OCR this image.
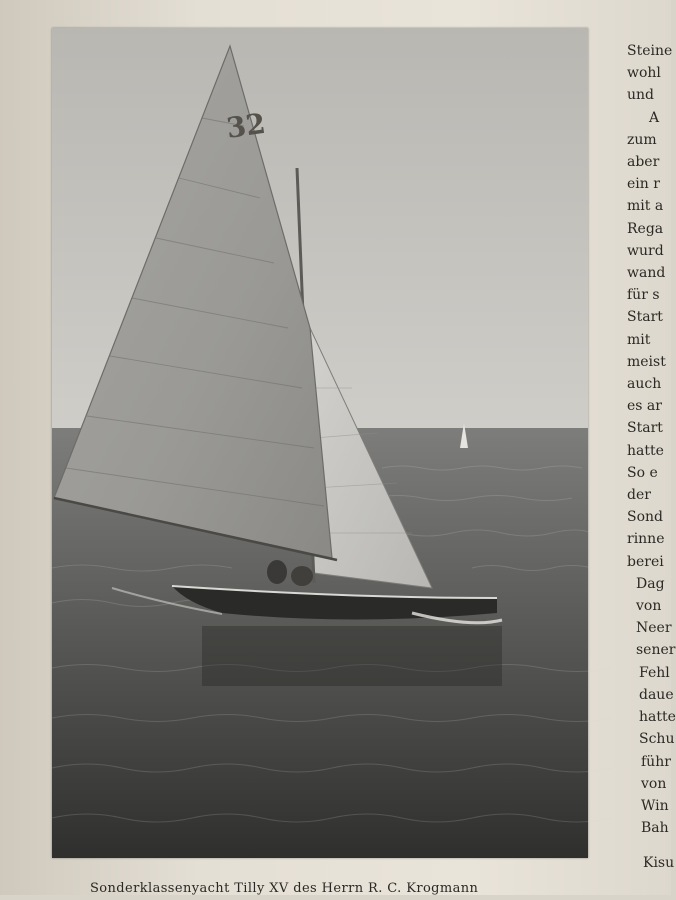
32
Steine
wohl
und
A
zum
aber
ein r
mit a
Rega
wurd
wand
für s
Start
mit
meist
auch
es ar
Start
hatte
So e
der
Sond
rinne
berei
Dag
von
Neer
sener
Fehl
daue
hatte
Schu
führ
von
Win
Bah
Kisu
Sonderklassenyacht Tilly XV des Herrn R. C. Krogmann
